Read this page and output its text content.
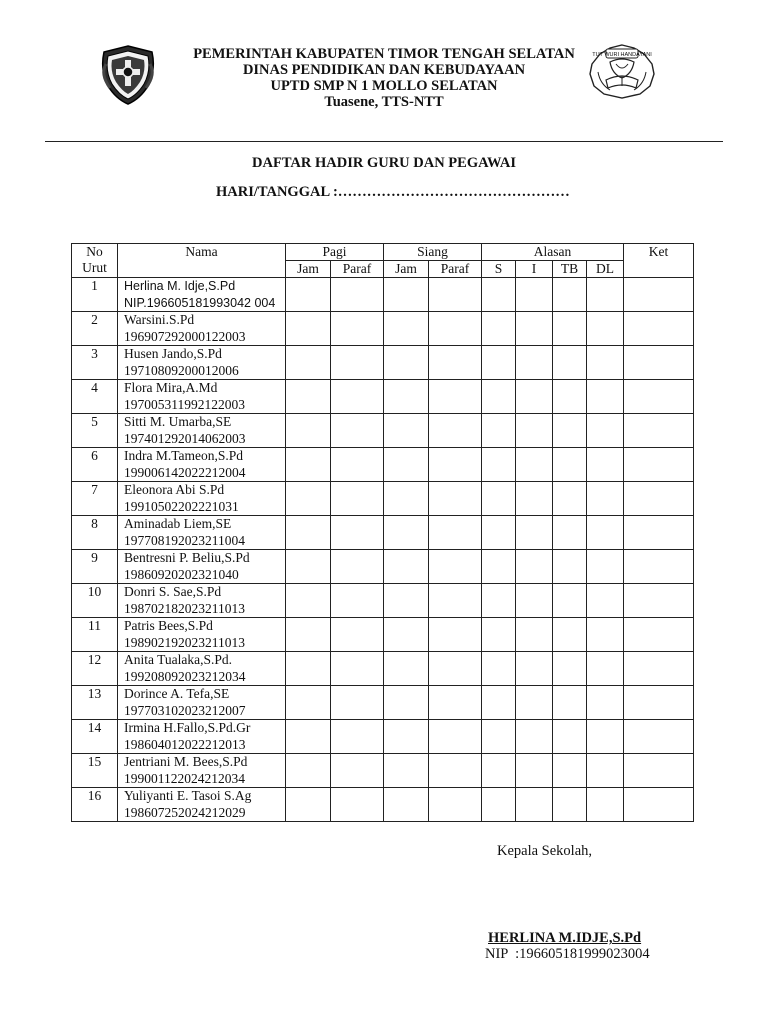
TUT WURI HANDAYANI
PEMERINTAH KABUPATEN TIMOR TENGAH SELATAN
DINAS PENDIDIKAN DAN KEBUDAYAAN
UPTD SMP N 1 MOLLO SELATAN
Tuasene, TTS-NTT
DAFTAR HADIR GURU DAN PEGAWAI
HARI/TANGGAL :…………………………………………
No
Urut	Nama	Pagi		Siang		Alasan				Ket
		Jam	Paraf	Jam	Paraf	S	I	TB	DL	
1	Herlina M. Idje,S.Pd
NIP.196605181993042 004									

2	Warsini.S.Pd
196907292000122003									

3	Husen Jando,S.Pd
19710809200012006									

4	Flora Mira,A.Md
197005311992122003									

5	Sitti M. Umarba,SE
197401292014062003									

6	Indra M.Tameon,S.Pd
199006142022212004									

7	Eleonora Abi S.Pd
19910502202221031									

8	Aminadab Liem,SE
197708192023211004									

9	Bentresni P. Beliu,S.Pd
19860920202321040									

10	Donri S. Sae,S.Pd
198702182023211013									

11	Patris Bees,S.Pd
198902192023211013									

12	Anita Tualaka,S.Pd.
199208092023212034									

13	Dorince A. Tefa,SE
197703102023212007									

14	Irmina H.Fallo,S.Pd.Gr
198604012022212013									

15	Jentriani M. Bees,S.Pd
199001122024212034									

16	Yuliyanti E. Tasoi S.Ag
198607252024212029									

Kepala Sekolah,
HERLINA M.IDJE,S.Pd
NIP  :196605181999023004
